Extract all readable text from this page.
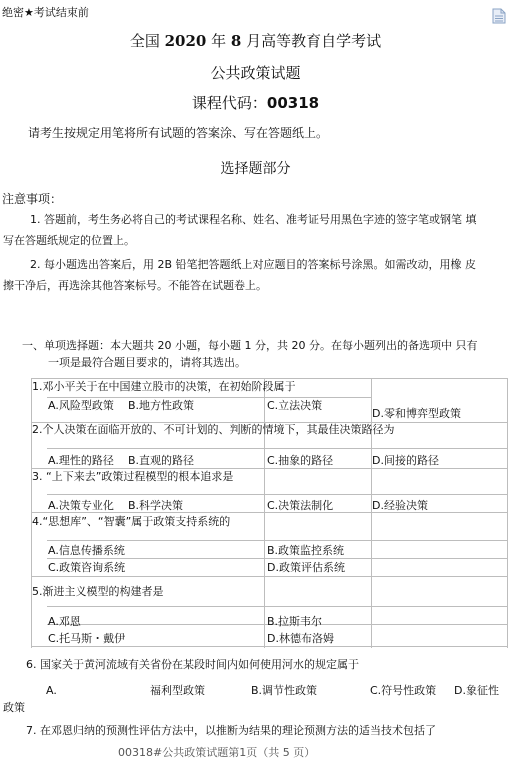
绝密★考试结束前
全国 2020 年 8 月高等教育自学考试
公共政策试题
课程代码：00318
请考生按规定用笔将所有试题的答案涂、写在答题纸上。
选择题部分
注意事项：
1. 答题前，考生务必将自己的考试课程名称、姓名、准考证号用黑色字迹的签字笔或钢笔 填
写在答题纸规定的位置上。
2. 每小题选出答案后，用 2B 铅笔把答题纸上对应题目的答案标号涂黑。如需改动，用橡 皮
擦干净后，再选涂其他答案标号。不能答在试题卷上。
一、单项选择题：本大题共 20 小题，每小题 1 分，共 20 分。在每小题列出的备选项中 只有
一项是最符合题目要求的，请将其选出。
1.邓小平关于在中国建立股市的决策，在初始阶段属于
A.风险型政策 B.地方性政策	C.立法决策
D.零和博弈型政策
2.个人决策在面临开放的、不可计划的、判断的情境下，其最佳决策路径为
A.理性的路径 B.直观的路径	C.抽象的路径	D.间接的路径
3. “上下来去”政策过程模型的根本追求是
A.决策专业化 B.科学决策	C.决策法制化	D.经验决策
4.“思想库”、“智囊”属于政策支持系统的
A.信息传播系统	B.政策监控系统
C.政策咨询系统	D.政策评估系统
5.渐进主义模型的构建者是
A.邓恩	B.拉斯韦尔
C.托马斯・戴伊	D.林德布洛姆
6. 国家关于黄河流域有关省份在某段时间内如何使用河水的规定属于
A.	福利型政策	B.调节性政策	C.符号性政策 D.象征性
政策
7. 在邓恩归纳的预测性评估方法中，以推断为结果的理论预测方法的适当技术包括了
00318#公共政策试题第1页（共 5 页）
